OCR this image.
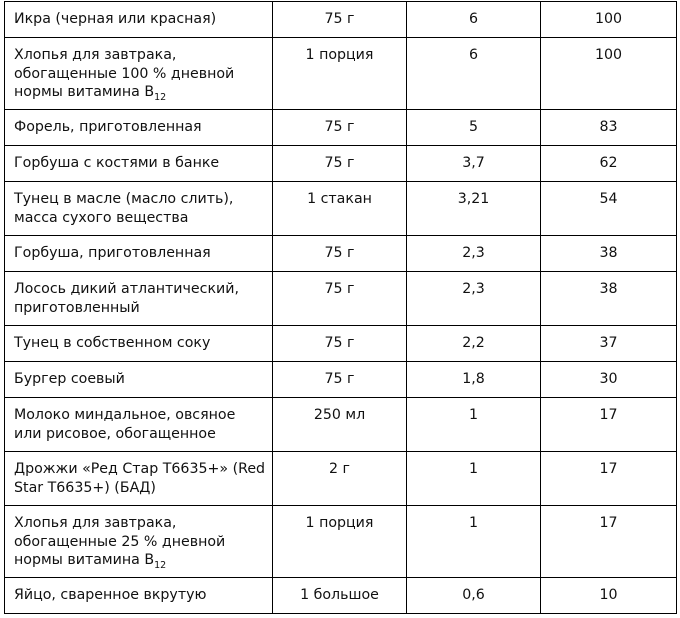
Икра (черная или красная)	75 г	6	100
Хлопья для завтрака, обогащенные 100 % дневной нормы витамина $B_{12}$	1 порция	6	100
Форель, приготовленная	75 г	5	83
Горбуша с костями в банке	75 г	3,7	62
Тунец в масле (масло слить), масса сухого вещества	1 стакан	3,21	54
Горбуша, приготовленная	75 г	2,3	38
Лосось дикий атлантический, приготовленный	75 г	2,3	38
Тунец в собственном соку	75 г	2,2	37
Бургер соевый	75 г	1,8	30
Молоко миндальное, овсяное или рисовое, обогащенное	250 мл	1	17
Дрожжи «Ред Стар Т6635+» (Red Star T6635+) (БАД)	2 г	1	17
Хлопья для завтрака, обогащенные 25 % дневной нормы витамина $B_{12}$	1 порция	1	17
Яйцо, сваренное вкрутую	1 большое	0,6	10
